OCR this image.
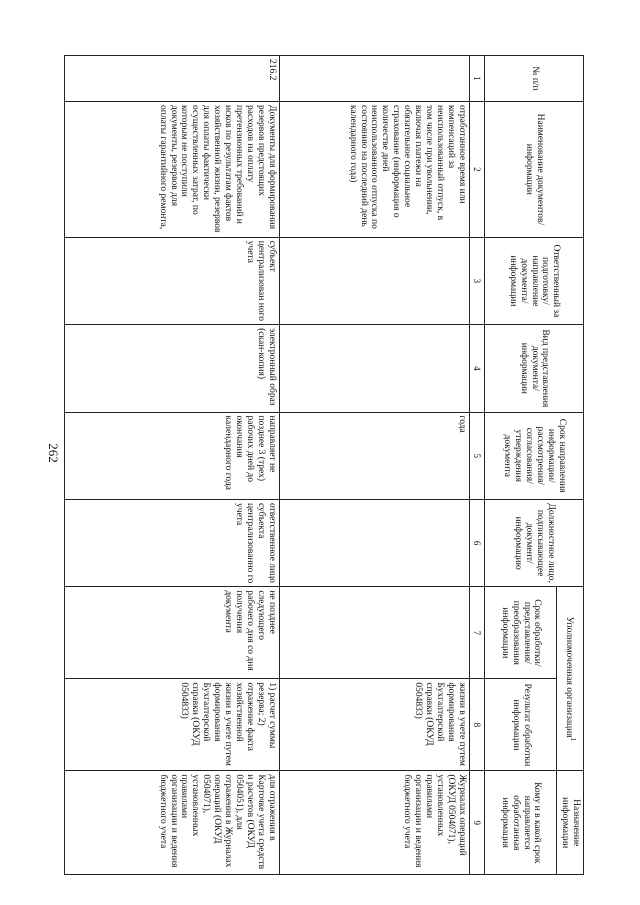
262
№ п/п	Наименование документов/ информации	Ответственный за подготовку/ направление документа/ информации	Вид представления документа/ информации	Срок направления информации/ рассмотрения/ согласования/ утверждения документа	Должностное лицо, подписывающее документ/ информацию	Уполномоченная организация$^1$		Назначение информации
						Срок обработки/ представления/ преобразования информации	Результат обработки информации	Кому и в какой срок направляется обработанная информация
1	2	3	4	5	6	7	8	9
	отработанное время или компенсаций за неиспользованный отпуск, в том числе при увольнении, включая платежи на обязательное социальное страхование (информация о количестве дней неиспользованного отпуска по состоянию на последний день календарного года)			года			жизни в учете путем формирования Бухгалтерской справки (ОКУД 0504833)	Журналах операций (ОКУД 0504071), установленных правилами организации и ведения бюджетного учета
216.2	Документы для формирования резервов предстоящих расходов на оплату претензионных требований и исков по результатам фактов хозяйственной жизни, резервов для оплаты фактически осуществленных затрат, по которым не поступили документы, резервов для оплаты гарантийного ремонта,	субъект централизован ного учета	электронный образ (скан-копия)	направляет не позднее 3 (трех) рабочих дней до окончания календарного года	ответственное лицо субъекта централизованно го учета	не позднее следующего рабочего дня со дня получения документа	1) расчет суммы резерва; 2) отражение факта хозяйственной жизни в учете путем формирования Бухгалтерской справки (ОКУД 0504833)	для отражения в Карточке учета средств и расчетов (ОКУД 0504051), для отражения в Журналах операций (ОКУД 0504071), установленных правилами организации и ведения бюджетного учета
